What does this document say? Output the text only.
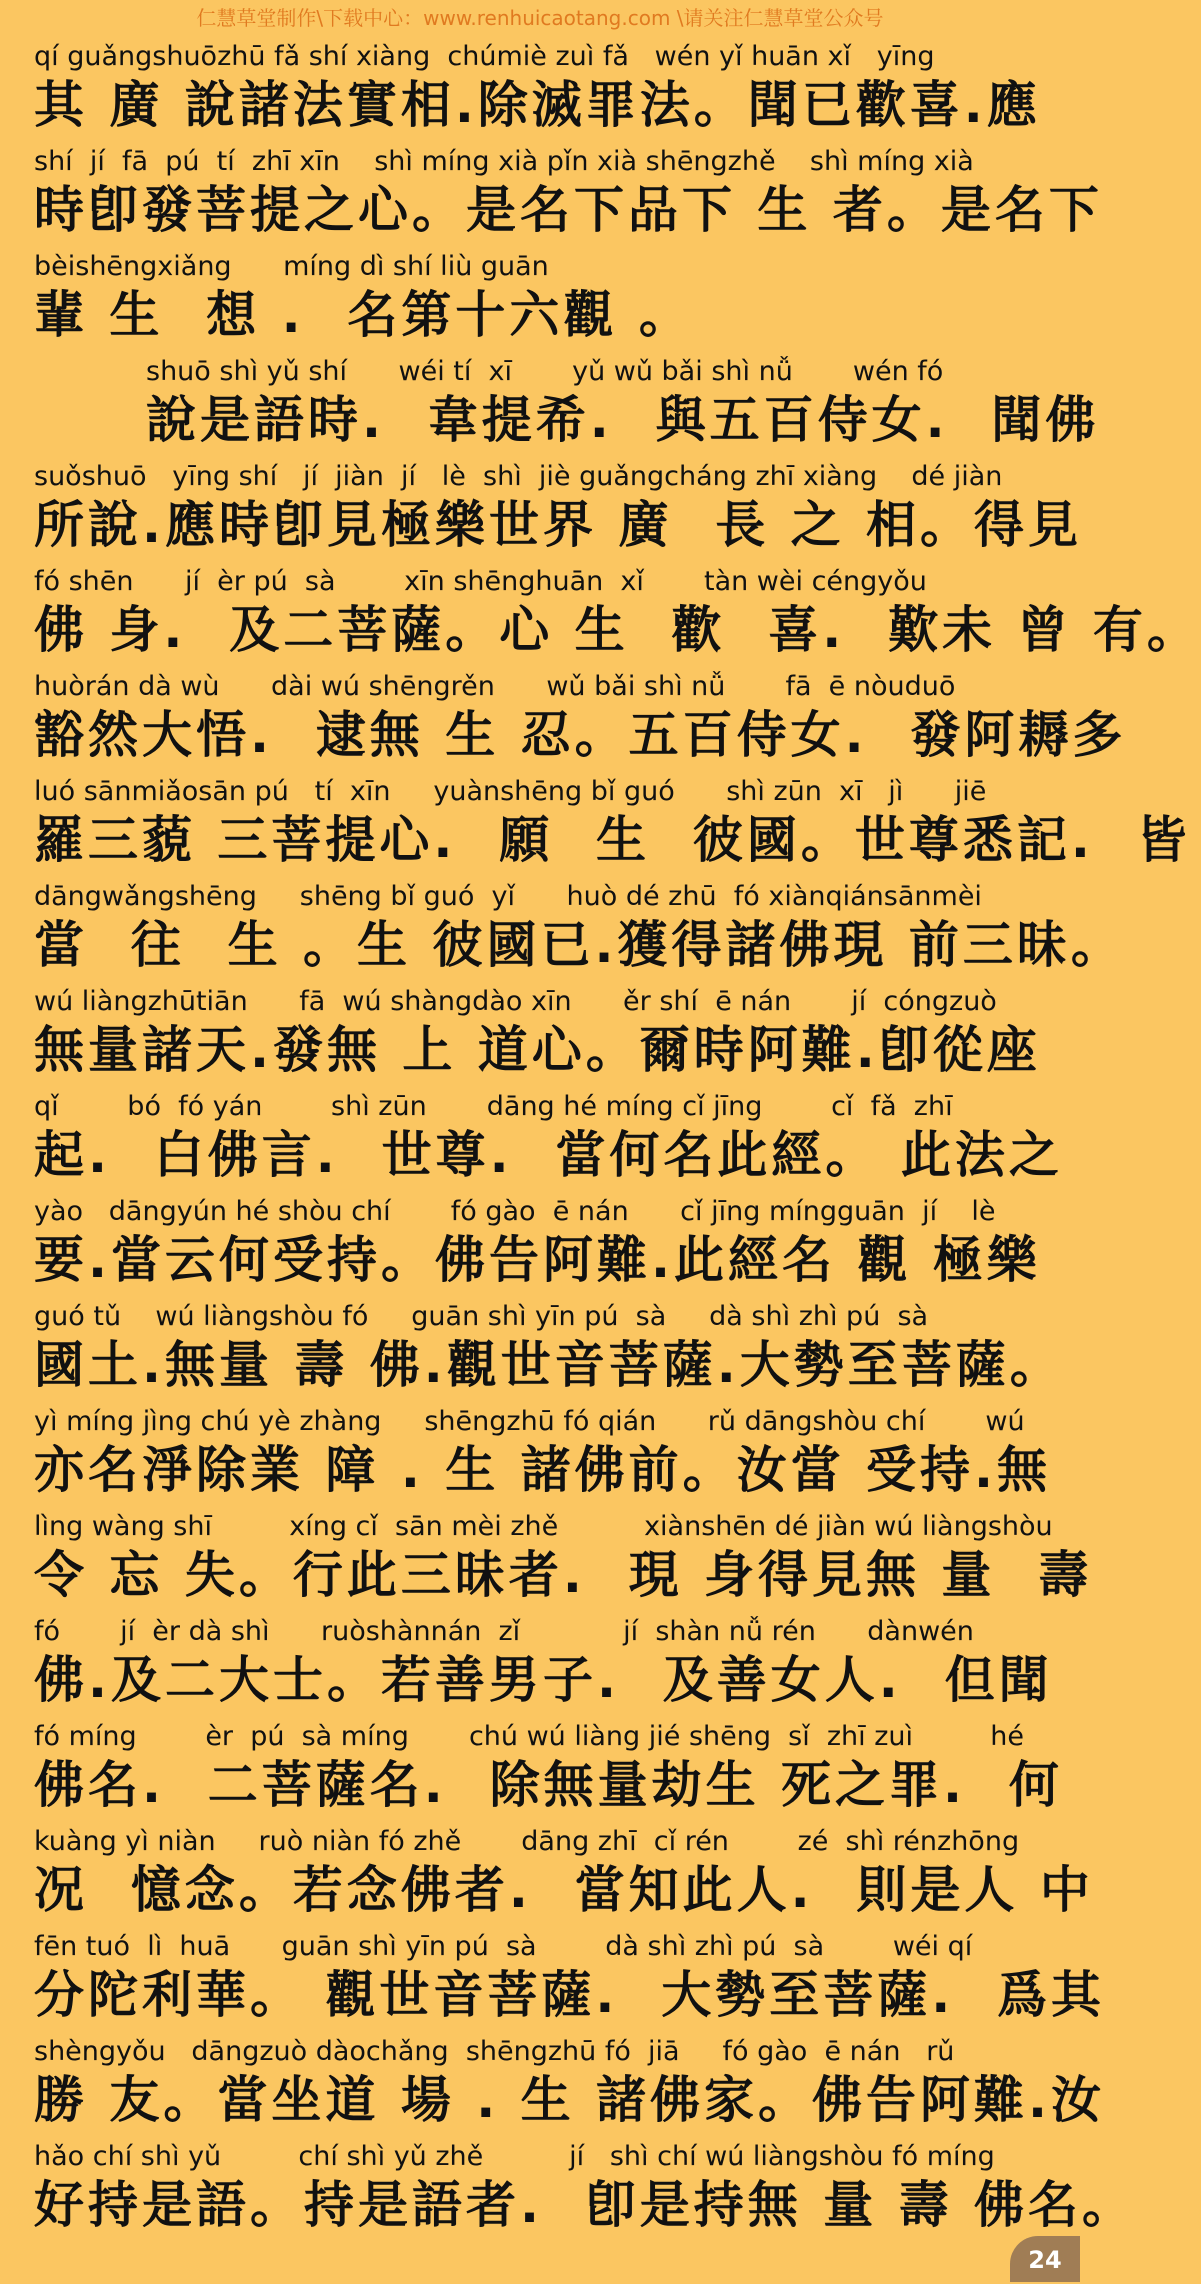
仁慧草堂制作\下载中心：www.renhuicaotang.com \请关注仁慧草堂公众号
qí guǎngshuōzhū fǎ shí xiàng  chúmiè zuì fǎ   wén yǐ huān xǐ   yīng
其 廣 說諸法實相.除滅罪法。聞已歡喜.應
shí  jí  fā  pú  tí  zhī xīn    shì míng xià pǐn xià shēngzhě    shì míng xià
時卽發菩提之心。是名下品下 生 者。是名下
bèishēngxiǎng      míng dì shí liù guān
輩 生  想 .  名第十六觀 。
shuō shì yǔ shí      wéi tí  xī       yǔ wǔ bǎi shì nǚ       wén fó
說是語時.  韋提希.  與五百侍女.  聞佛
suǒshuō   yīng shí   jí  jiàn  jí   lè  shì  jiè guǎngcháng zhī xiàng    dé jiàn
所說.應時卽見極樂世界 廣  長 之 相。得見
fó shēn      jí  èr pú  sà        xīn shēnghuān  xǐ       tàn wèi céngyǒu
佛 身.  及二菩薩。心 生  歡  喜.  歎未 曾 有。
huòrán dà wù      dài wú shēngrěn      wǔ bǎi shì nǚ       fā  ē nòuduō
豁然大悟.  逮無 生 忍。五百侍女.  發阿耨多
luó sānmiǎosān pú   tí  xīn     yuànshēng bǐ guó      shì zūn  xī   jì      jiē
羅三藐 三菩提心.  願  生  彼國。世尊悉記.  皆
dāngwǎngshēng     shēng bǐ guó  yǐ      huò dé zhū  fó xiànqiánsānmèi
當  往  生 。生 彼國已.獲得諸佛現 前三昧。
wú liàngzhūtiān      fā  wú shàngdào xīn      ěr shí  ē nán       jí  cóngzuò
無量諸天.發無 上 道心。爾時阿難.卽從座
qǐ        bó  fó yán        shì zūn       dāng hé míng cǐ jīng        cǐ  fǎ  zhī
起.  白佛言.  世尊.  當何名此經。 此法之
yào   dāngyún hé shòu chí       fó gào  ē nán      cǐ jīng míngguān  jí    lè
要.當云何受持。佛告阿難.此經名 觀 極樂
guó tǔ    wú liàngshòu fó     guān shì yīn pú  sà     dà shì zhì pú  sà
國土.無量 壽 佛.觀世音菩薩.大勢至菩薩。
yì míng jìng chú yè zhàng     shēngzhū fó qián      rǔ dāngshòu chí       wú
亦名淨除業 障 . 生 諸佛前。汝當 受持.無
lìng wàng shī         xíng cǐ  sān mèi zhě          xiànshēn dé jiàn wú liàngshòu
令 忘 失。行此三昧者.  現 身得見無 量  壽
fó       jí  èr dà shì      ruòshànnán  zǐ            jí  shàn nǚ rén      dànwén
佛.及二大士。若善男子.  及善女人.  但聞
fó míng        èr  pú  sà míng       chú wú liàng jié shēng  sǐ  zhī zuì         hé
佛名.  二菩薩名.  除無量劫生 死之罪.  何
kuàng yì niàn     ruò niàn fó zhě       dāng zhī  cǐ rén        zé  shì rénzhōng
况  憶念。若念佛者.  當知此人.  則是人 中
fēn tuó  lì  huā      guān shì yīn pú  sà        dà shì zhì pú  sà        wéi qí
分陀利華。 觀世音菩薩.  大勢至菩薩.  爲其
shèngyǒu   dāngzuò dàochǎng  shēngzhū fó  jiā     fó gào  ē nán   rǔ
勝 友。當坐道 場 . 生 諸佛家。佛告阿難.汝
hǎo chí shì yǔ         chí shì yǔ zhě          jí   shì chí wú liàngshòu fó míng
好持是語。持是語者.  卽是持無 量 壽 佛名。
24
